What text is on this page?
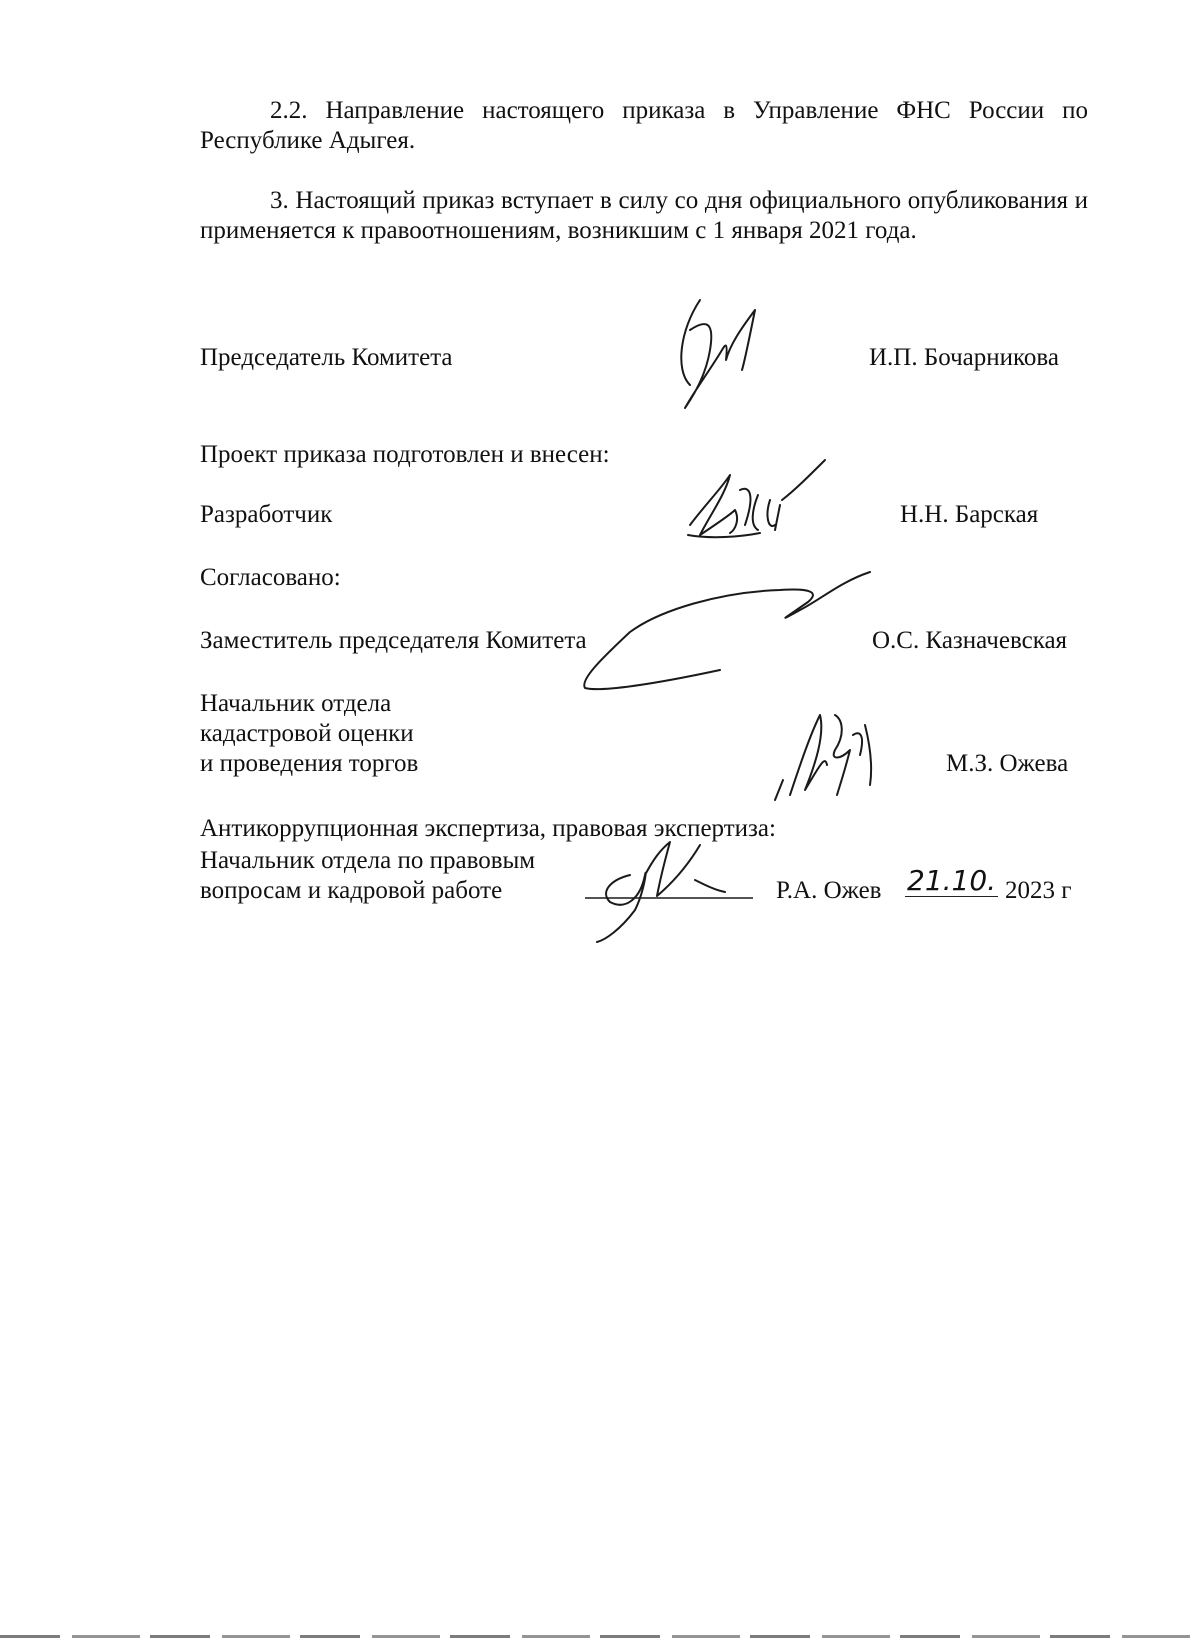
2.2. Направление настоящего приказа в Управление ФНС России по Республике Адыгея.
3. Настоящий приказ вступает в силу со дня официального опубликования и применяется к правоотношениям, возникшим с 1 января 2021 года.
Председатель Комитета	И.П. Бочарникова
Проект приказа подготовлен и внесен:
Разработчик	Н.Н. Барская
Согласовано:
Заместитель председателя Комитета	О.С. Казначевская
Начальник отдела
кадастровой оценки
и проведения торгов	М.З. Ожева
Антикоррупционная экспертиза, правовая экспертиза:
Начальник отдела по правовым
вопросам и кадровой работе	Р.А. Ожев 21.10. 2023 г
